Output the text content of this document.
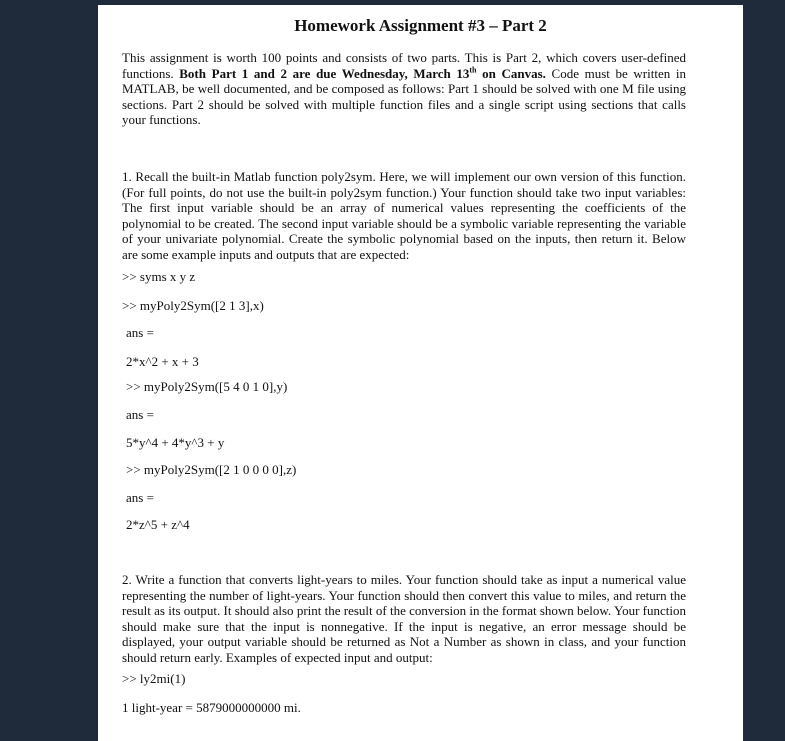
Homework Assignment #3 – Part 2
This assignment is worth 100 points and consists of two parts. This is Part 2, which covers user-defined functions. Both Part 1 and 2 are due Wednesday, March 13th on Canvas. Code must be written in MATLAB, be well documented, and be composed as follows: Part 1 should be solved with one M file using sections. Part 2 should be solved with multiple function files and a single script using sections that calls your functions.
1. Recall the built-in Matlab function poly2sym. Here, we will implement our own version of this function. (For full points, do not use the built-in poly2sym function.) Your function should take two input variables: The first input variable should be an array of numerical values representing the coefficients of the polynomial to be created. The second input variable should be a symbolic variable representing the variable of your univariate polynomial. Create the symbolic polynomial based on the inputs, then return it. Below are some example inputs and outputs that are expected:
>> syms x y z
>> myPoly2Sym([2 1 3],x)
ans =
2*x^2 + x + 3
>> myPoly2Sym([5 4 0 1 0],y)
ans =
5*y^4 + 4*y^3 + y
>> myPoly2Sym([2 1 0 0 0 0],z)
ans =
2*z^5 + z^4
2. Write a function that converts light-years to miles. Your function should take as input a numerical value representing the number of light-years. Your function should then convert this value to miles, and return the result as its output. It should also print the result of the conversion in the format shown below. Your function should make sure that the input is nonnegative. If the input is negative, an error message should be displayed, your output variable should be returned as Not a Number as shown in class, and your function should return early. Examples of expected input and output:
>> ly2mi(1)
1 light-year = 5879000000000 mi.
